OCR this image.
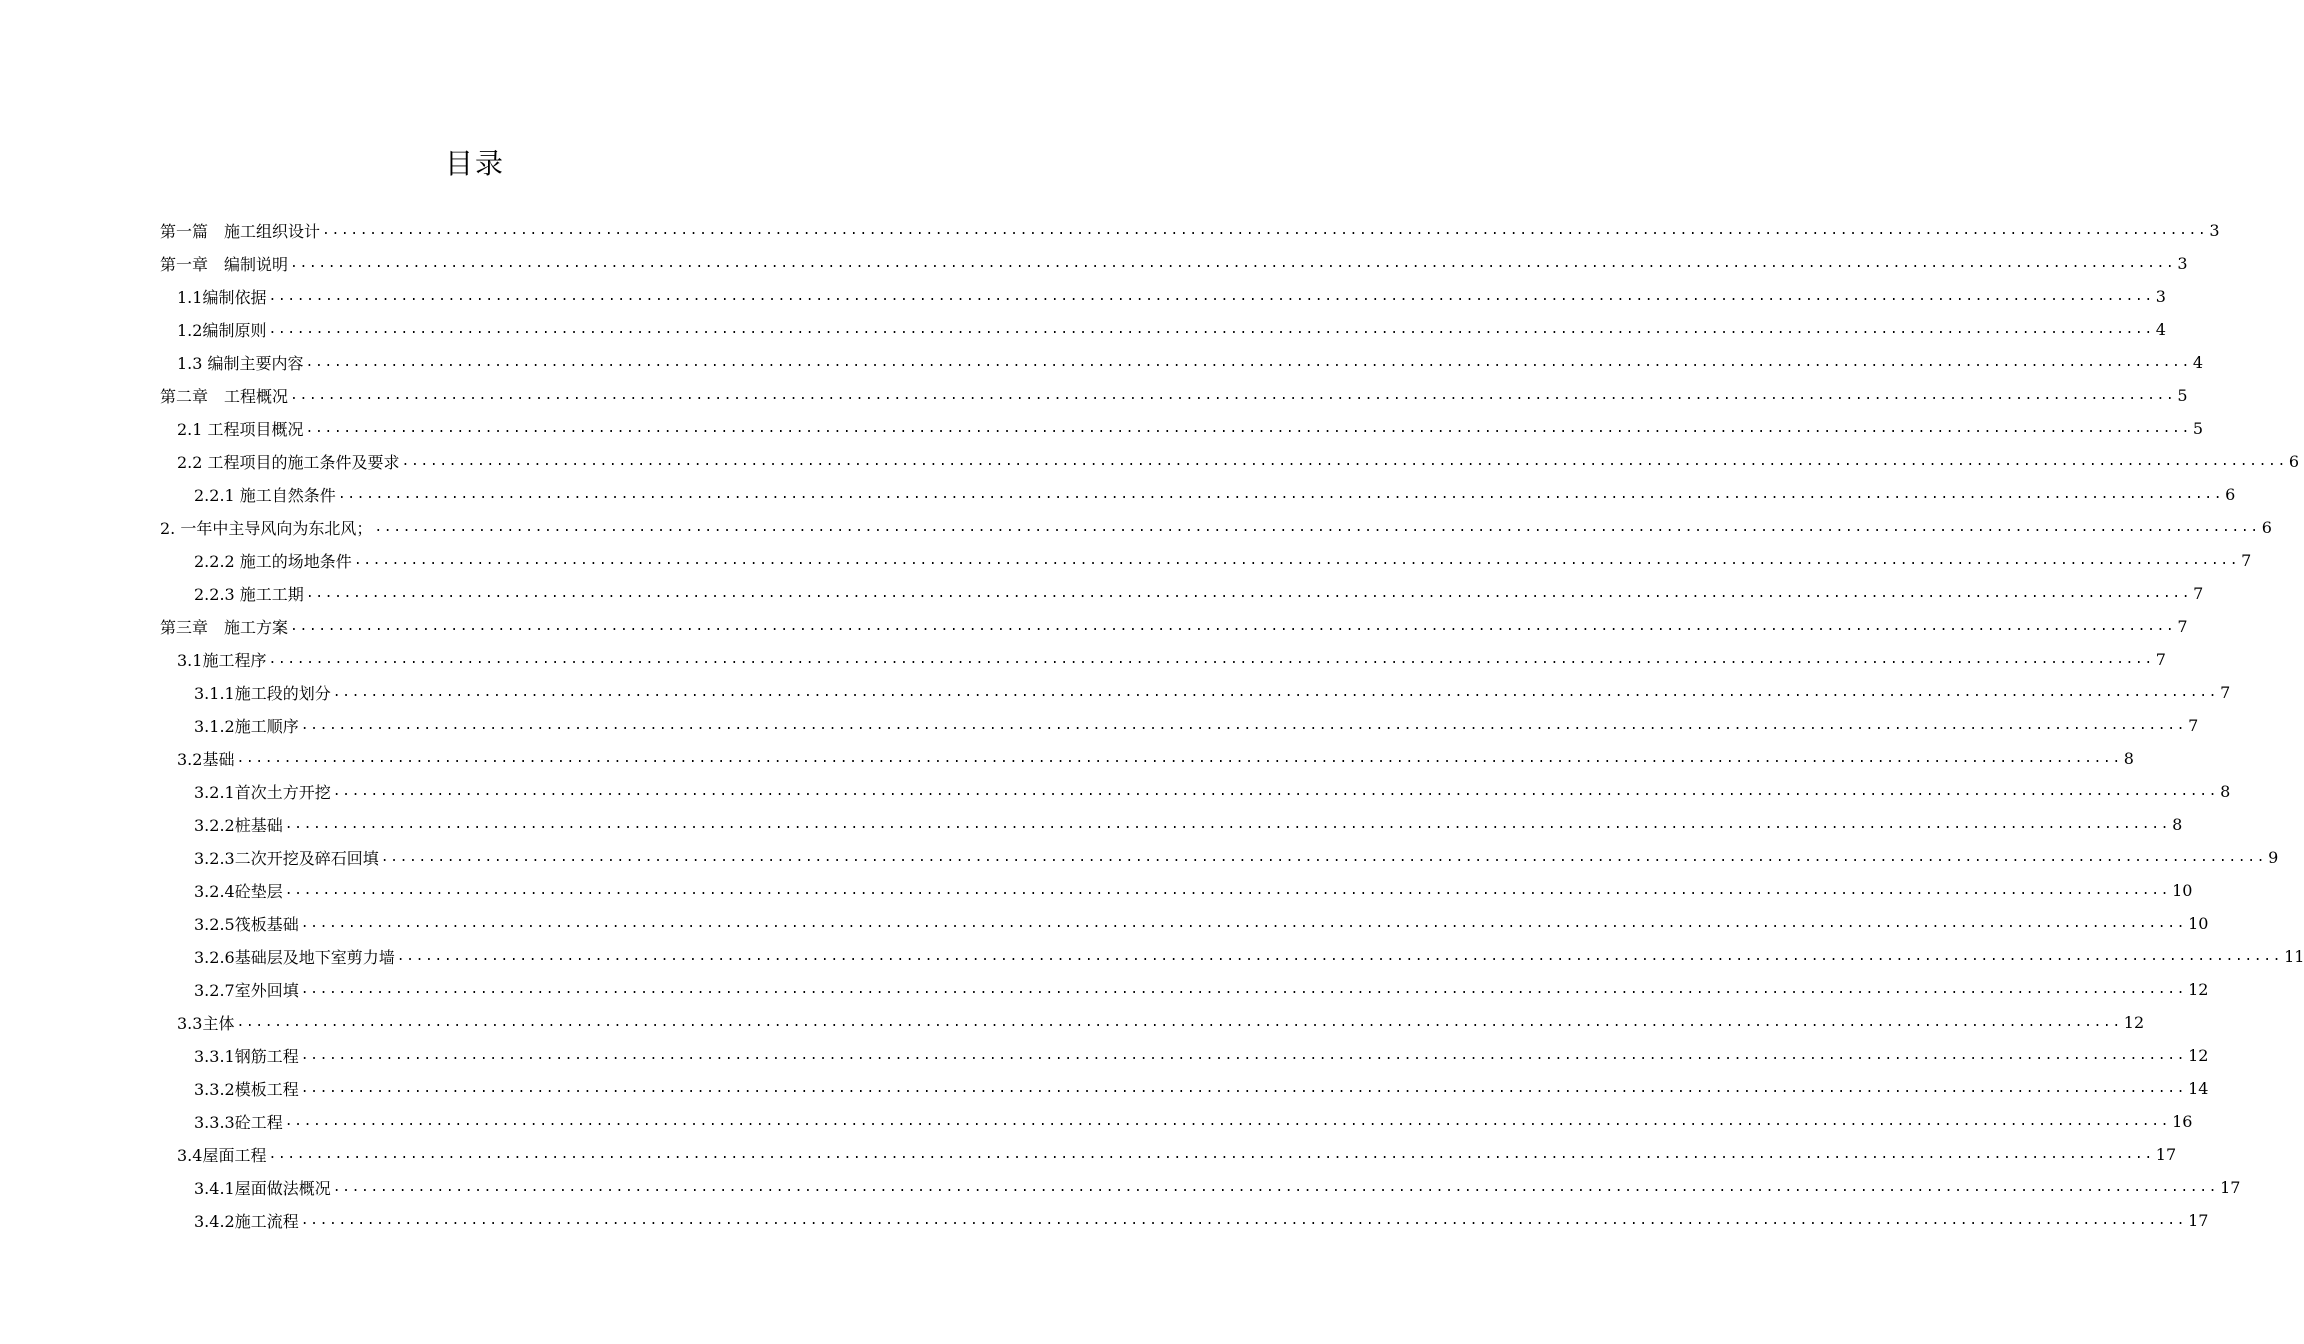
目录
第一篇　施工组织设计 ........................................................................................................................................................................................................ 3
第一章　编制说明 ........................................................................................................................................................................................................ 3
1.1编制依据 ........................................................................................................................................................................................................ 3
1.2编制原则 ........................................................................................................................................................................................................ 4
1.3 编制主要内容 ........................................................................................................................................................................................................ 4
第二章　工程概况 ........................................................................................................................................................................................................ 5
2.1 工程项目概况 ........................................................................................................................................................................................................ 5
2.2 工程项目的施工条件及要求 ........................................................................................................................................................................................................ 6
2.2.1 施工自然条件 ........................................................................................................................................................................................................ 6
2. 一年中主导风向为东北风； ........................................................................................................................................................................................................ 6
2.2.2 施工的场地条件 ........................................................................................................................................................................................................ 7
2.2.3 施工工期 ........................................................................................................................................................................................................ 7
第三章　施工方案 ........................................................................................................................................................................................................ 7
3.1施工程序 ........................................................................................................................................................................................................ 7
3.1.1施工段的划分 ........................................................................................................................................................................................................ 7
3.1.2施工顺序 ........................................................................................................................................................................................................ 7
3.2基础 ........................................................................................................................................................................................................ 8
3.2.1首次土方开挖 ........................................................................................................................................................................................................ 8
3.2.2桩基础 ........................................................................................................................................................................................................ 8
3.2.3二次开挖及碎石回填 ........................................................................................................................................................................................................ 9
3.2.4砼垫层 ........................................................................................................................................................................................................ 10
3.2.5筏板基础 ........................................................................................................................................................................................................ 10
3.2.6基础层及地下室剪力墙 ........................................................................................................................................................................................................ 11
3.2.7室外回填 ........................................................................................................................................................................................................ 12
3.3主体 ........................................................................................................................................................................................................ 12
3.3.1钢筋工程 ........................................................................................................................................................................................................ 12
3.3.2模板工程 ........................................................................................................................................................................................................ 14
3.3.3砼工程 ........................................................................................................................................................................................................ 16
3.4屋面工程 ........................................................................................................................................................................................................ 17
3.4.1屋面做法概况 ........................................................................................................................................................................................................ 17
3.4.2施工流程 ........................................................................................................................................................................................................ 17
